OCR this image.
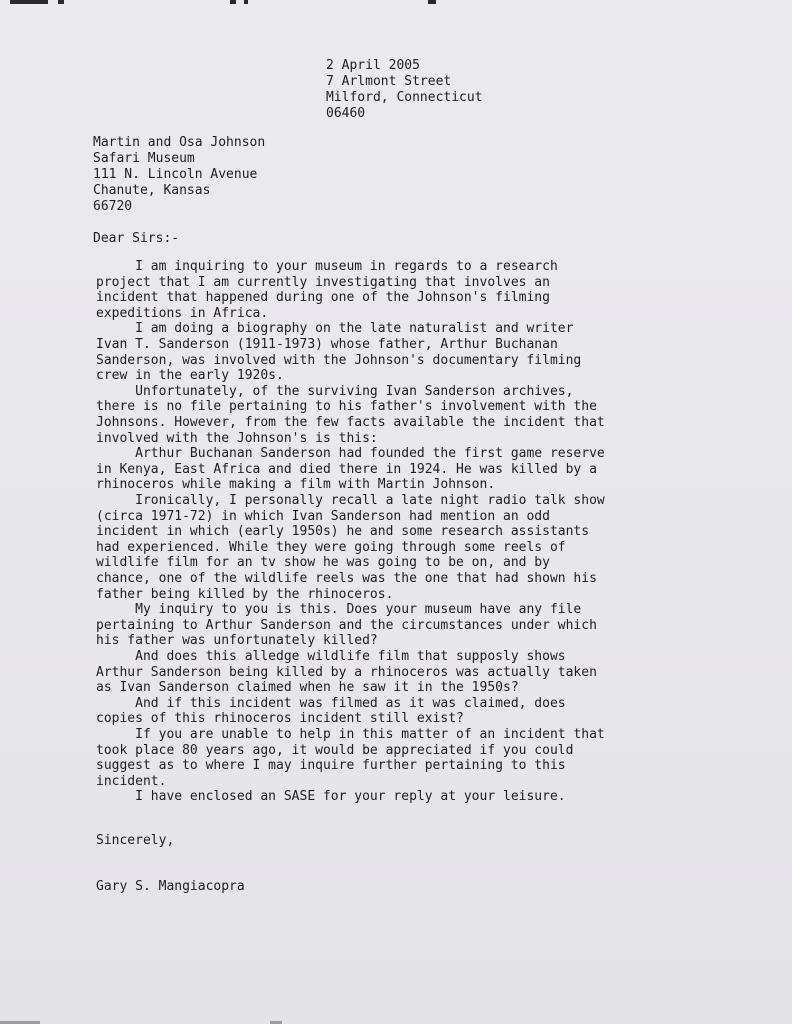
2 April 2005
7 Arlmont Street
Milford, Connecticut
06460
Martin and Osa Johnson
Safari Museum
111 N. Lincoln Avenue
Chanute, Kansas
66720
Dear Sirs:-
I am inquiring to your museum in regards to a research
project that I am currently investigating that involves an
incident that happened during one of the Johnson's filming
expeditions in Africa.
I am doing a biography on the late naturalist and writer
Ivan T. Sanderson (1911-1973) whose father, Arthur Buchanan
Sanderson, was involved with the Johnson's documentary filming
crew in the early 1920s.
Unfortunately, of the surviving Ivan Sanderson archives,
there is no file pertaining to his father's involvement with the
Johnsons. However, from the few facts available the incident that
involved with the Johnson's is this:
Arthur Buchanan Sanderson had founded the first game reserve
in Kenya, East Africa and died there in 1924. He was killed by a
rhinoceros while making a film with Martin Johnson.
Ironically, I personally recall a late night radio talk show
(circa 1971-72) in which Ivan Sanderson had mention an odd
incident in which (early 1950s) he and some research assistants
had experienced. While they were going through some reels of
wildlife film for an tv show he was going to be on, and by
chance, one of the wildlife reels was the one that had shown his
father being killed by the rhinoceros.
My inquiry to you is this. Does your museum have any file
pertaining to Arthur Sanderson and the circumstances under which
his father was unfortunately killed?
And does this alledge wildlife film that supposly shows
Arthur Sanderson being killed by a rhinoceros was actually taken
as Ivan Sanderson claimed when he saw it in the 1950s?
And if this incident was filmed as it was claimed, does
copies of this rhinoceros incident still exist?
If you are unable to help in this matter of an incident that
took place 80 years ago, it would be appreciated if you could
suggest as to where I may inquire further pertaining to this
incident.
I have enclosed an SASE for your reply at your leisure.
Sincerely,
Gary S. Mangiacopra
